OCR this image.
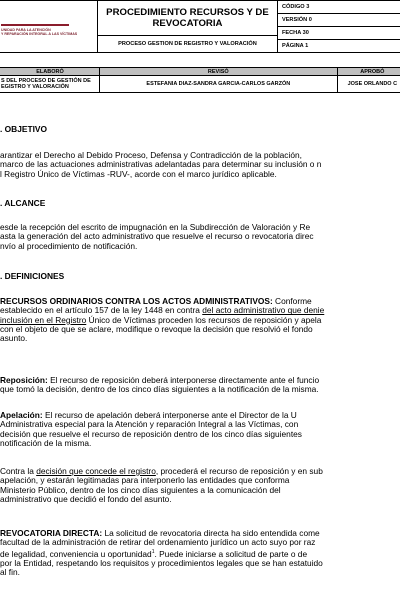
UNIDAD PARA LA ATENCIÓN
Y REPARACIÓN INTEGRAL A LAS VÍCTIMAS

PROCEDIMIENTO RECURSOS Y DE
REVOCATORIA
PROCESO GESTION DE REGISTRO Y VALORACIÓN

CÓDIGO 3
VERSIÓN 0
FECHA 30
PÁGINA 1
ELABORÓ	REVISÓ	APROBÓ

S DEL PROCESO DE GESTIÓN DE
EGISTRO Y VALORACIÓN	ESTEFANIA DIAZ-SANDRA GARCIA-CARLOS GARZÓN	JOSE ORLANDO C
. OBJETIVO
arantizar el Derecho al Debido Proceso, Defensa y Contradicción de la población,
marco de las actuaciones administrativas adelantadas para determinar su inclusión o n
l Registro Único de Víctimas -RUV-, acorde con el marco jurídico aplicable.
. ALCANCE
esde la recepción del escrito de impugnación en la Subdirección de Valoración y Re
asta la generación del acto administrativo que resuelve el recurso o revocatoria direc
nvío al procedimiento de notificación.
. DEFINICIONES
RECURSOS ORDINARIOS CONTRA LOS ACTOS ADMINISTRATIVOS: Conforme
establecido en el artículo 157 de la ley 1448 en contra del acto administrativo que denie
inclusión en el Registro Único de Víctimas proceden los recursos de reposición y apela
con el objeto de que se aclare, modifique o revoque la decisión que resolvió el fondo
asunto.
Reposición: El recurso de reposición deberá interponerse directamente ante el funcio
que tomó la decisión, dentro de los cinco días siguientes a la notificación de la misma.
Apelación: El recurso de apelación deberá interponerse ante el Director de la U
Administrativa especial para la Atención y reparación Integral a las Víctimas, con
decisión que resuelve el recurso de reposición dentro de los cinco días siguientes
notificación de la misma.
Contra la decisión que concede el registro, procederá el recurso de reposición y en sub
apelación, y estarán legitimadas para interponerlo las entidades que conforma
Ministerio Público, dentro de los cinco días siguientes a la comunicación del
administrativo que decidió el fondo del asunto.
REVOCATORIA DIRECTA: La solicitud de revocatoria directa ha sido entendida come
facultad de la administración de retirar del ordenamiento jurídico un acto suyo por raz
de legalidad, conveniencia u oportunidad$^1$. Puede iniciarse a solicitud de parte o de
por la Entidad, respetando los requisitos y procedimientos legales que se han estatuido
al fin.
